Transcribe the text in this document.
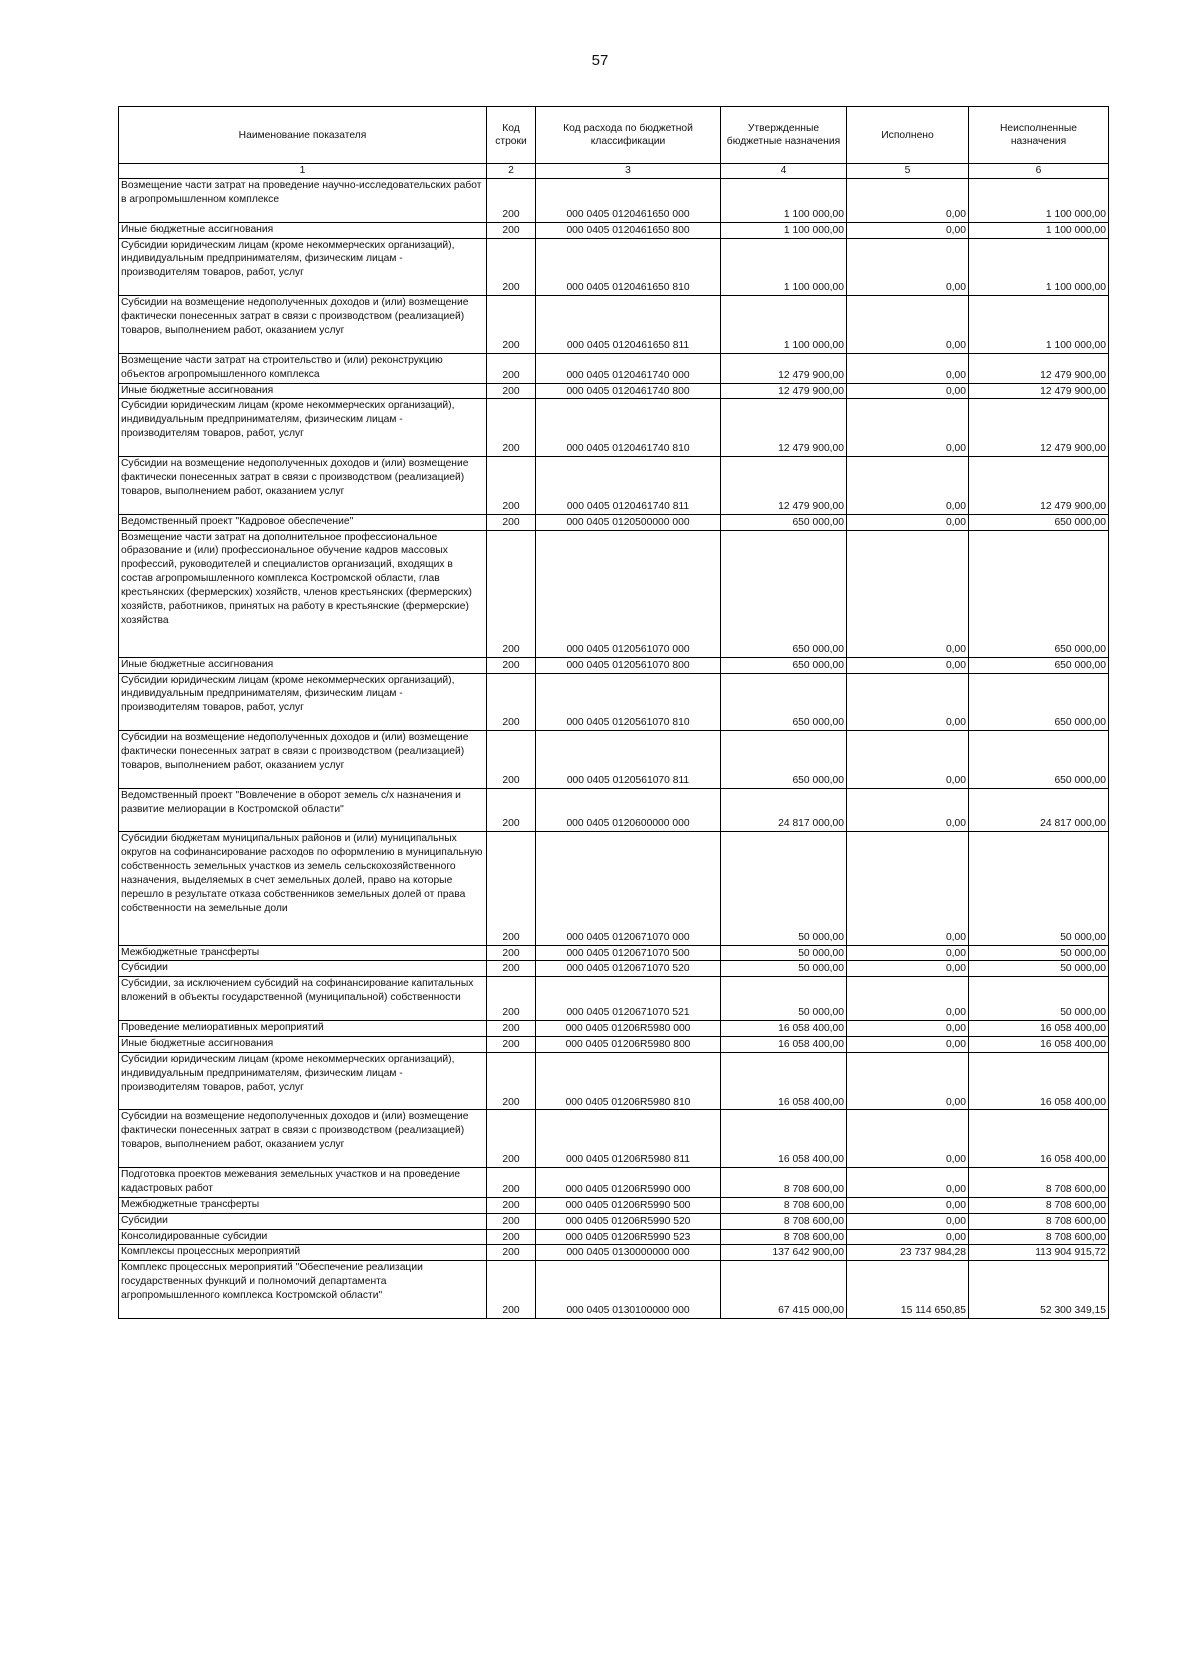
57
Наименование показателя	Код строки	Код расхода по бюджетной классификации	Утвержденные бюджетные назначения	Исполнено	Неисполненные назначения
1	2	3	4	5	6
Возмещение части затрат на проведение научно-исследовательских работ в агропромышленном комплексе	200	000 0405 0120461650 000	1 100 000,00	0,00	1 100 000,00
Иные бюджетные ассигнования	200	000 0405 0120461650 800	1 100 000,00	0,00	1 100 000,00
Субсидии юридическим лицам (кроме некоммерческих организаций), индивидуальным предпринимателям, физическим лицам - производителям товаров, работ, услуг	200	000 0405 0120461650 810	1 100 000,00	0,00	1 100 000,00
Субсидии на возмещение недополученных доходов и (или) возмещение фактически понесенных затрат в связи с производством (реализацией) товаров, выполнением работ, оказанием услуг	200	000 0405 0120461650 811	1 100 000,00	0,00	1 100 000,00
Возмещение части затрат на строительство и (или) реконструкцию объектов агропромышленного комплекса	200	000 0405 0120461740 000	12 479 900,00	0,00	12 479 900,00
Иные бюджетные ассигнования	200	000 0405 0120461740 800	12 479 900,00	0,00	12 479 900,00
Субсидии юридическим лицам (кроме некоммерческих организаций), индивидуальным предпринимателям, физическим лицам - производителям товаров, работ, услуг	200	000 0405 0120461740 810	12 479 900,00	0,00	12 479 900,00
Субсидии на возмещение недополученных доходов и (или) возмещение фактически понесенных затрат в связи с производством (реализацией) товаров, выполнением работ, оказанием услуг	200	000 0405 0120461740 811	12 479 900,00	0,00	12 479 900,00
Ведомственный проект "Кадровое обеспечение"	200	000 0405 0120500000 000	650 000,00	0,00	650 000,00
Возмещение части затрат на дополнительное профессиональное образование и (или) профессиональное обучение кадров массовых профессий, руководителей и специалистов организаций, входящих в состав агропромышленного комплекса Костромской области, глав крестьянских (фермерских) хозяйств, членов крестьянских (фермерских) хозяйств, работников, принятых на работу в крестьянские (фермерские) хозяйства	200	000 0405 0120561070 000	650 000,00	0,00	650 000,00
Иные бюджетные ассигнования	200	000 0405 0120561070 800	650 000,00	0,00	650 000,00
Субсидии юридическим лицам (кроме некоммерческих организаций), индивидуальным предпринимателям, физическим лицам - производителям товаров, работ, услуг	200	000 0405 0120561070 810	650 000,00	0,00	650 000,00
Субсидии на возмещение недополученных доходов и (или) возмещение фактически понесенных затрат в связи с производством (реализацией) товаров, выполнением работ, оказанием услуг	200	000 0405 0120561070 811	650 000,00	0,00	650 000,00
Ведомственный проект "Вовлечение в оборот земель с/х назначения и развитие мелиорации в Костромской области"	200	000 0405 0120600000 000	24 817 000,00	0,00	24 817 000,00
Субсидии бюджетам муниципальных районов и (или) муниципальных округов на софинансирование расходов по оформлению в муниципальную собственность земельных участков из земель сельскохозяйственного назначения, выделяемых в счет земельных долей, право на которые перешло в результате отказа собственников земельных долей от права собственности на земельные доли	200	000 0405 0120671070 000	50 000,00	0,00	50 000,00
Межбюджетные трансферты	200	000 0405 0120671070 500	50 000,00	0,00	50 000,00
Субсидии	200	000 0405 0120671070 520	50 000,00	0,00	50 000,00
Субсидии, за исключением субсидий на софинансирование капитальных вложений в объекты государственной (муниципальной) собственности	200	000 0405 0120671070 521	50 000,00	0,00	50 000,00
Проведение мелиоративных мероприятий	200	000 0405 01206R5980 000	16 058 400,00	0,00	16 058 400,00
Иные бюджетные ассигнования	200	000 0405 01206R5980 800	16 058 400,00	0,00	16 058 400,00
Субсидии юридическим лицам (кроме некоммерческих организаций), индивидуальным предпринимателям, физическим лицам - производителям товаров, работ, услуг	200	000 0405 01206R5980 810	16 058 400,00	0,00	16 058 400,00
Субсидии на возмещение недополученных доходов и (или) возмещение фактически понесенных затрат в связи с производством (реализацией) товаров, выполнением работ, оказанием услуг	200	000 0405 01206R5980 811	16 058 400,00	0,00	16 058 400,00
Подготовка проектов межевания земельных участков и на проведение кадастровых работ	200	000 0405 01206R5990 000	8 708 600,00	0,00	8 708 600,00
Межбюджетные трансферты	200	000 0405 01206R5990 500	8 708 600,00	0,00	8 708 600,00
Субсидии	200	000 0405 01206R5990 520	8 708 600,00	0,00	8 708 600,00
Консолидированные субсидии	200	000 0405 01206R5990 523	8 708 600,00	0,00	8 708 600,00
Комплексы процессных мероприятий	200	000 0405 0130000000 000	137 642 900,00	23 737 984,28	113 904 915,72
Комплекс процессных мероприятий "Обеспечение реализации государственных функций и полномочий департамента агропромышленного комплекса Костромской области"	200	000 0405 0130100000 000	67 415 000,00	15 114 650,85	52 300 349,15
